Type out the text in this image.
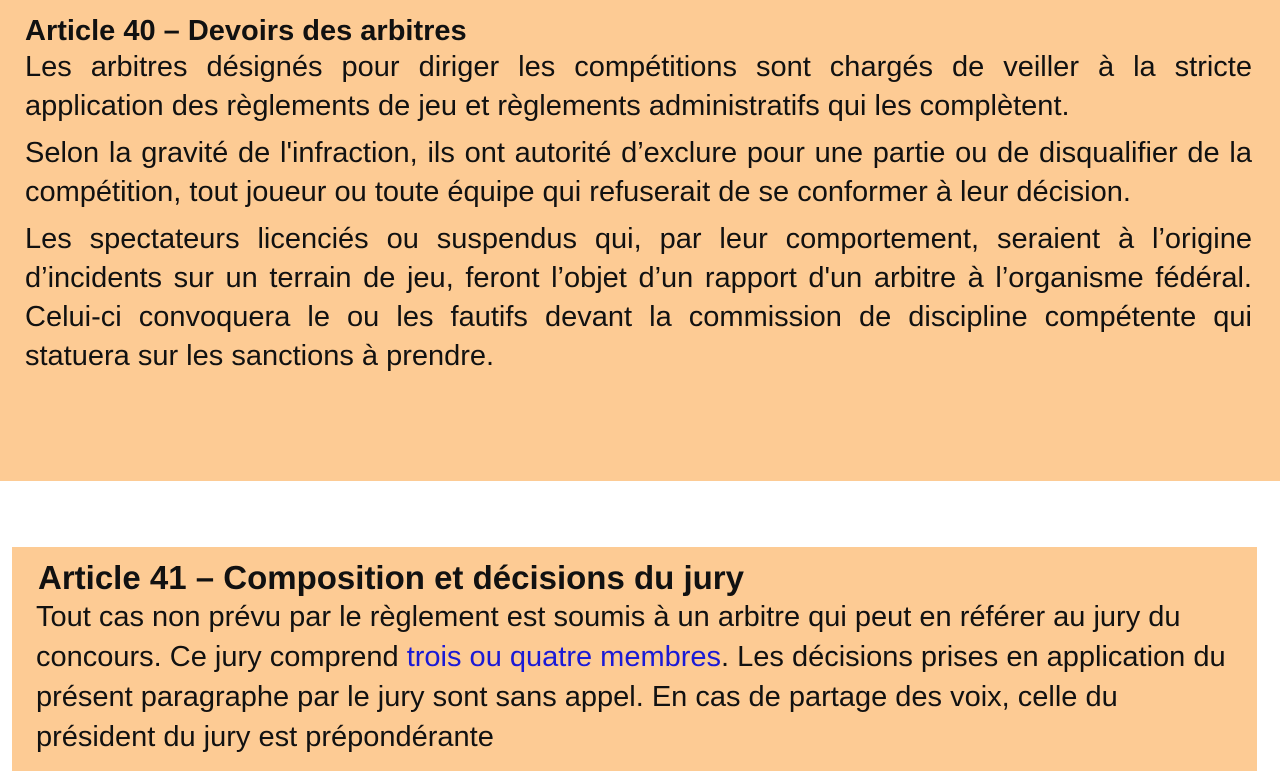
Article 40 – Devoirs des arbitres

Les arbitres désignés pour diriger les compétitions sont chargés de veiller à la stricte application des règlements de jeu et règlements administratifs qui les complètent.

Selon la gravité de l'infraction, ils ont autorité d’exclure pour une partie ou de disqualifier de la compétition, tout joueur ou toute équipe qui refuserait de se conformer à leur décision.

Les spectateurs licenciés ou suspendus qui, par leur comportement, seraient à l’origine d’incidents sur un terrain de jeu, feront l’objet d’un rapport d'un arbitre à l’organisme fédéral. Celui-ci convoquera le ou les fautifs devant la commission de discipline compétente qui statuera sur les sanctions à prendre.

Article 41 – Composition et décisions du jury

Tout cas non prévu par le règlement est soumis à un arbitre qui peut en référer au jury du concours. Ce jury comprend trois ou quatre membres. Les décisions prises en application du présent paragraphe par le jury sont sans appel. En cas de partage des voix, celle du président du jury est prépondérante
